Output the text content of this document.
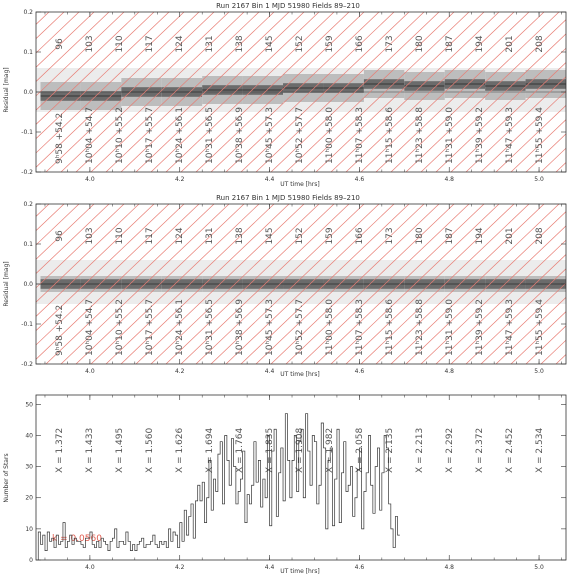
Run 2167 Bin 1 MJD 51980 Fields 89–210
Residual [mag]
UT time [hrs]
96
9ʰ58 +54.2
103
10ʰ04 +54.7
110
10ʰ10 +55.2
117
10ʰ17 +55.7
124
10ʰ24 +56.1
131
10ʰ31 +56.5
138
10ʰ38 +56.9
145
10ʰ45 +57.3
152
10ʰ52 +57.7
159
11ʰ00 +58.0
166
11ʰ07 +58.3
173
11ʰ15 +58.6
180
11ʰ23 +58.8
187
11ʰ31 +59.0
194
11ʰ39 +59.2
201
11ʰ47 +59.3
208
11ʰ55 +59.4
4.0	4.2	4.4	4.6	4.8	5.0
-0.2
-0.1
0.0
0.1
0.2
Run 2167 Bin 1 MJD 51980 Fields 89–210
Residual [mag]
UT time [hrs]
96
9ʰ58 +54.2
103
10ʰ04 +54.7
110
10ʰ10 +55.2
117
10ʰ17 +55.7
124
10ʰ24 +56.1
131
10ʰ31 +56.5
138
10ʰ38 +56.9
145
10ʰ45 +57.3
152
10ʰ52 +57.7
159
11ʰ00 +58.0
166
11ʰ07 +58.3
173
11ʰ15 +58.6
180
11ʰ23 +58.8
187
11ʰ31 +59.0
194
11ʰ39 +59.2
201
11ʰ47 +59.3
208
11ʰ55 +59.4
4.0	4.2	4.4	4.6	4.8	5.0
-0.2
-0.1
0.0
0.1
0.2
Number of Stars
UT time [hrs]
k = 0.0560
X = 1.372 X = 1.433 X = 1.495 X = 1.560 X = 1.626 X = 1.694 X = 1.764 X = 1.835 X = 1.908 X = 1.982 X = 2.058 X = 2.135 X = 2.213 X = 2.292 X = 2.372 X = 2.452 X = 2.534
4.0	4.2	4.4	4.6	4.8	5.0
0
10
20
30
40
50
